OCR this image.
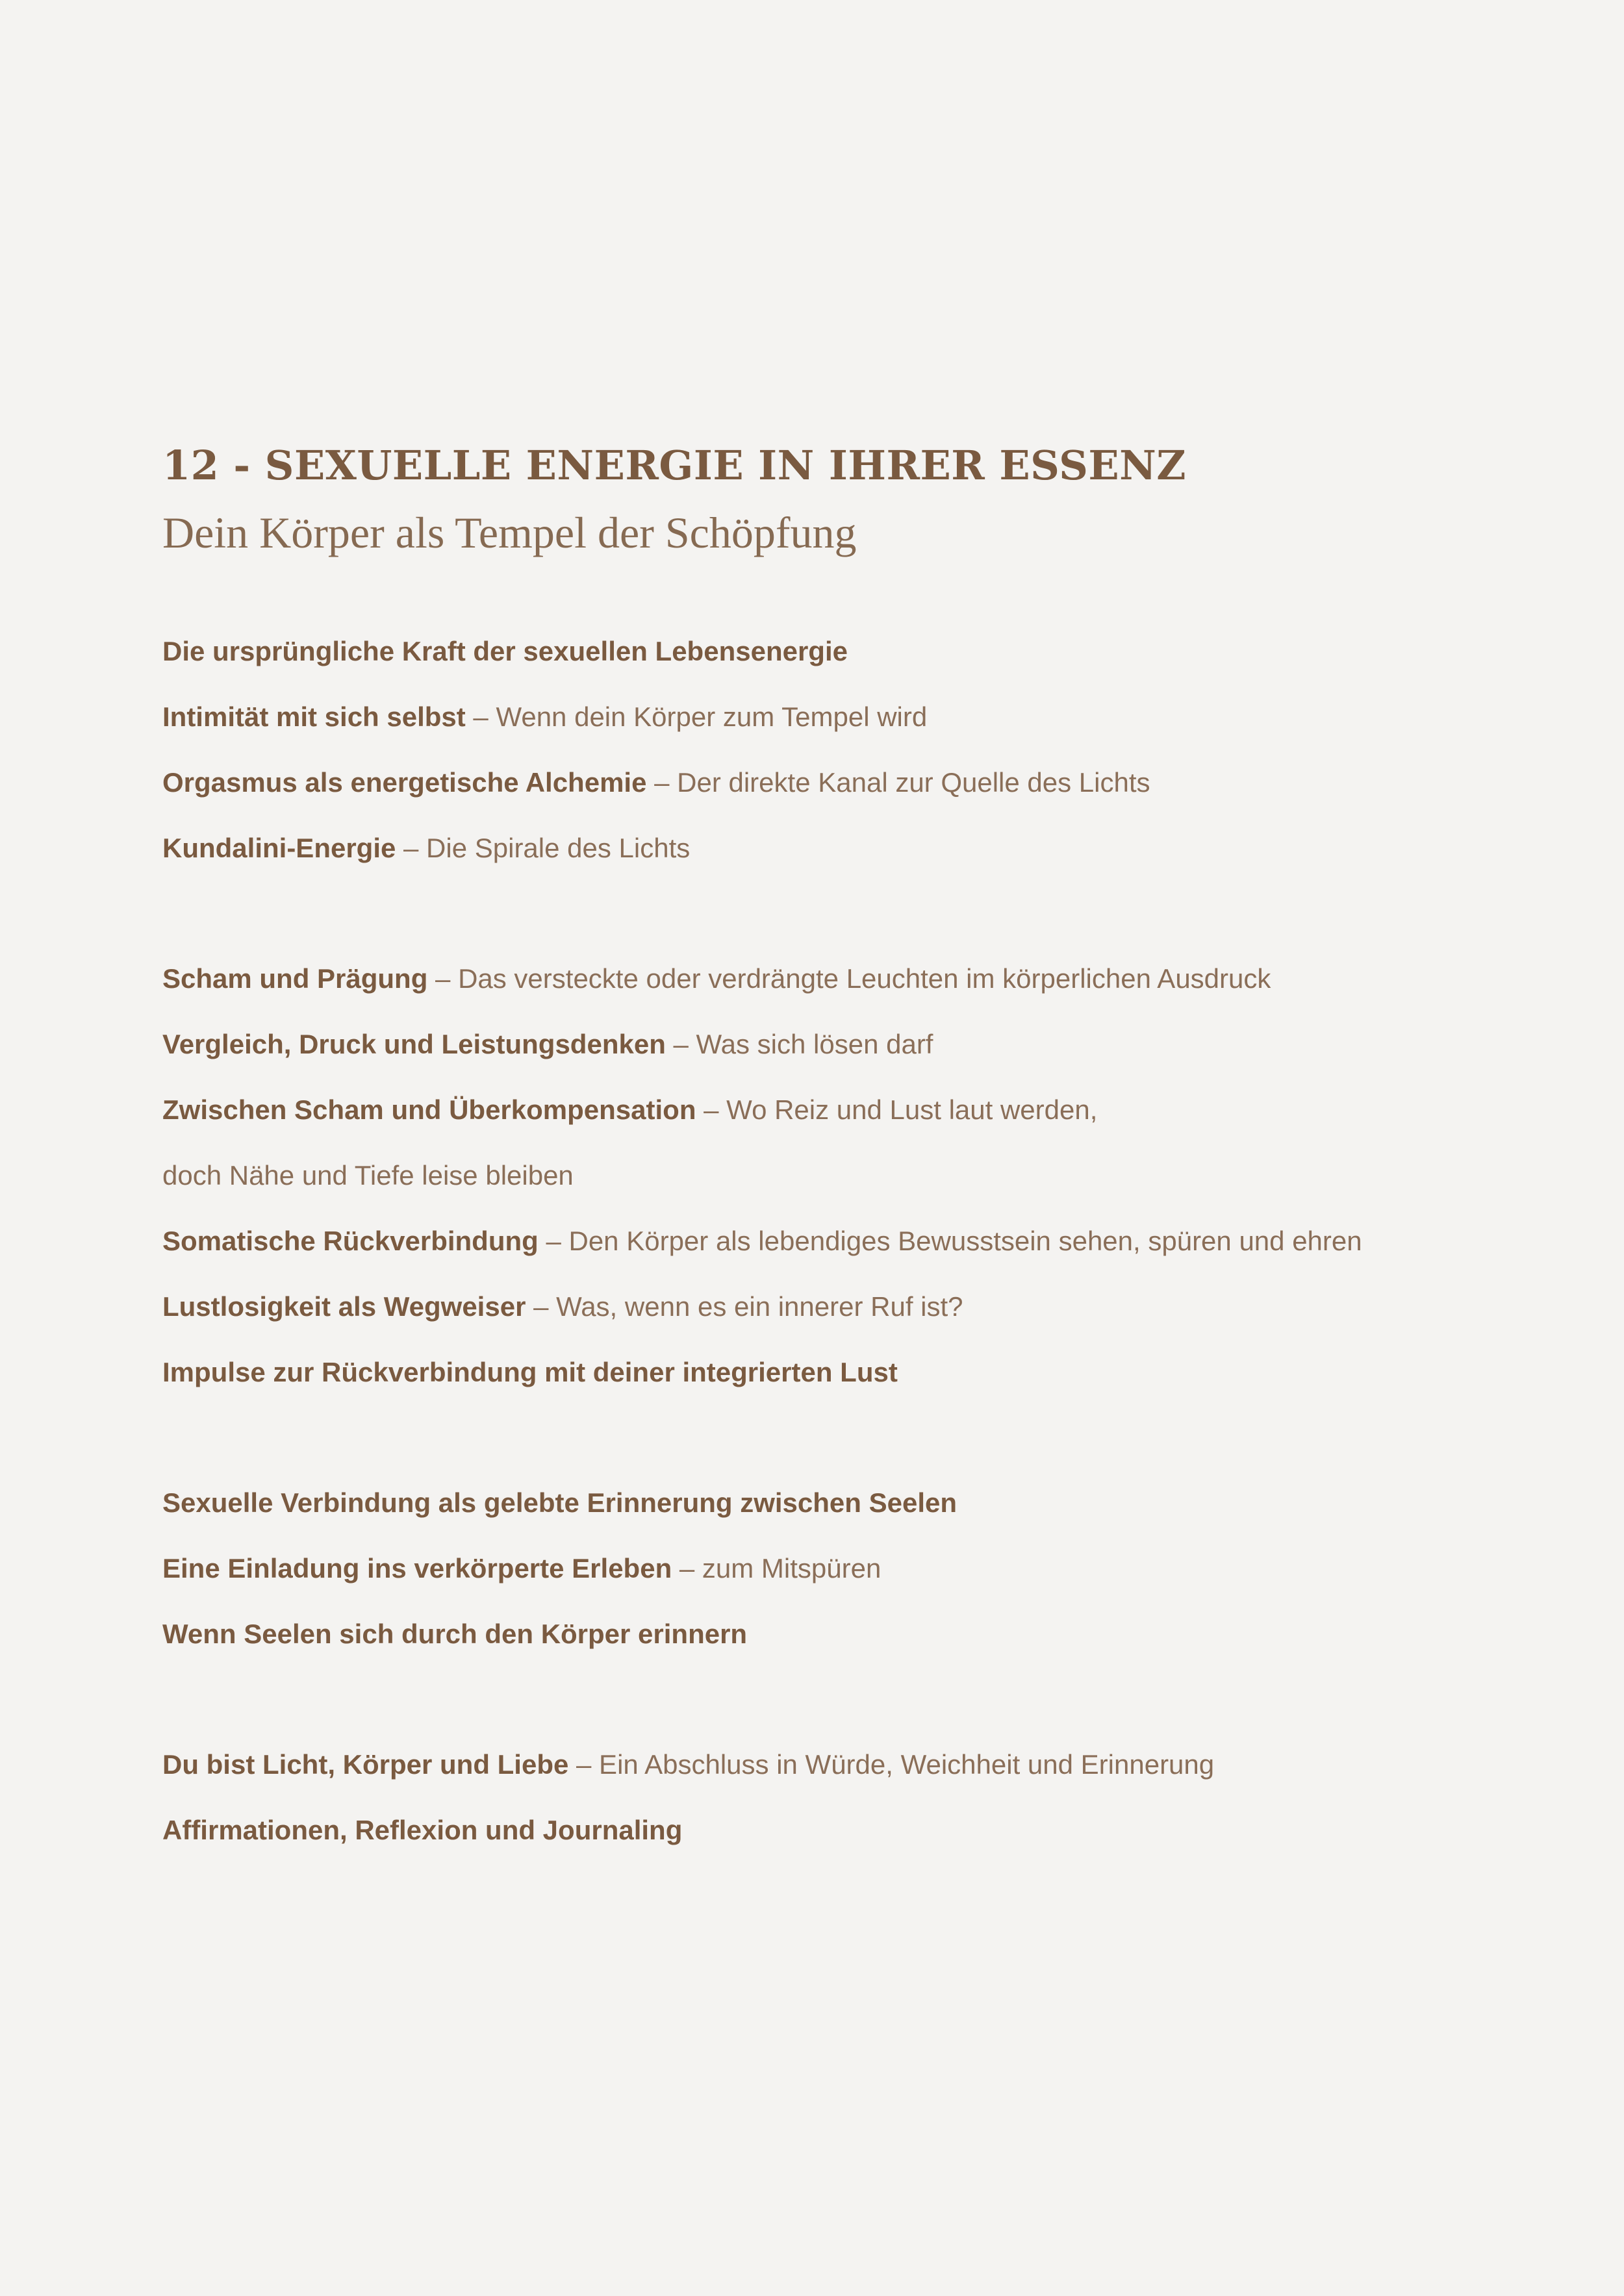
12 - SEXUELLE ENERGIE IN IHRER ESSENZ
Dein Körper als Tempel der Schöpfung
Die ursprüngliche Kraft der sexuellen Lebensenergie
Intimität mit sich selbst – Wenn dein Körper zum Tempel wird
Orgasmus als energetische Alchemie – Der direkte Kanal zur Quelle des Lichts
Kundalini-Energie – Die Spirale des Lichts
Scham und Prägung – Das versteckte oder verdrängte Leuchten im körperlichen Ausdruck
Vergleich, Druck und Leistungsdenken – Was sich lösen darf
Zwischen Scham und Überkompensation – Wo Reiz und Lust laut werden,
doch Nähe und Tiefe leise bleiben
Somatische Rückverbindung – Den Körper als lebendiges Bewusstsein sehen, spüren und ehren
Lustlosigkeit als Wegweiser – Was, wenn es ein innerer Ruf ist?
Impulse zur Rückverbindung mit deiner integrierten Lust
Sexuelle Verbindung als gelebte Erinnerung zwischen Seelen
Eine Einladung ins verkörperte Erleben – zum Mitspüren
Wenn Seelen sich durch den Körper erinnern
Du bist Licht, Körper und Liebe – Ein Abschluss in Würde, Weichheit und Erinnerung
Affirmationen, Reflexion und Journaling
